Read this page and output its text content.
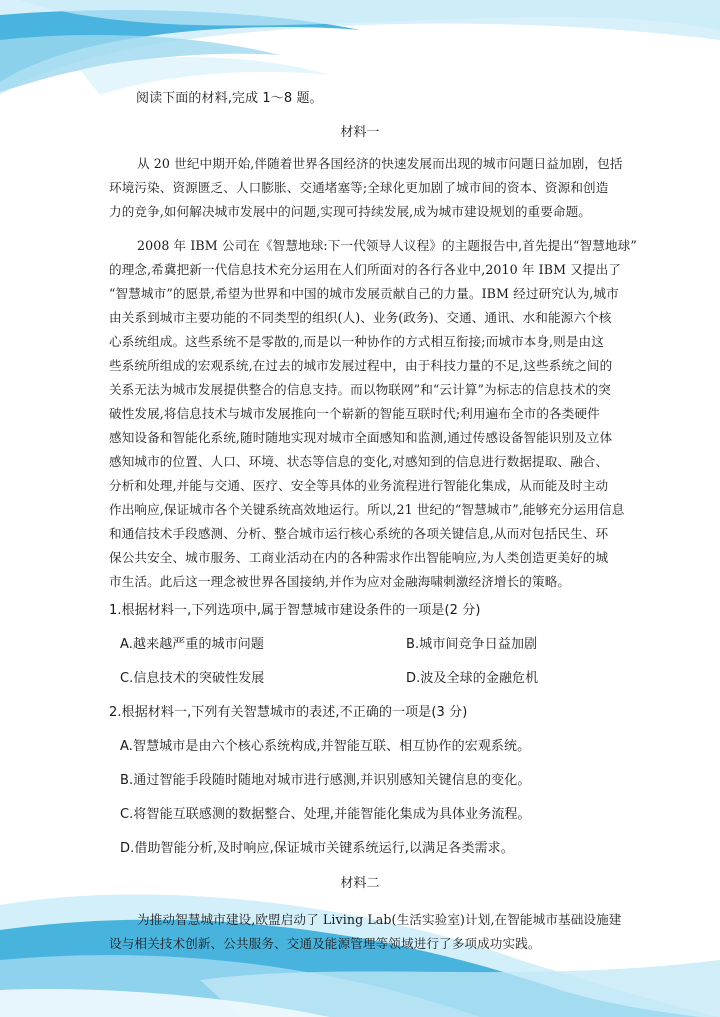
阅读下面的材料,完成 1～8 题。
材料一
从 20 世纪中期开始,伴随着世界各国经济的快速发展而出现的城市问题日益加剧，包括
环境污染、资源匮乏、人口膨胀、交通堵塞等;全球化更加剧了城市间的资本、资源和创造
力的竞争,如何解决城市发展中的问题,实现可持续发展,成为城市建设规划的重要命题。
2008 年 IBM 公司在《智慧地球:下一代领导人议程》的主题报告中,首先提出“智慧地球”
的理念,希冀把新一代信息技术充分运用在人们所面对的各行各业中,2010 年 IBM 又提出了
“智慧城市”的愿景,希望为世界和中国的城市发展贡献自己的力量。IBM 经过研究认为,城市
由关系到城市主要功能的不同类型的组织(人)、业务(政务)、交通、通讯、水和能源六个核
心系统组成。这些系统不是零散的,而是以一种协作的方式相互衔接;而城市本身,则是由这
些系统所组成的宏观系统,在过去的城市发展过程中，由于科技力量的不足,这些系统之间的
关系无法为城市发展提供整合的信息支持。而以物联网”和“云计算”为标志的信息技术的突
破性发展,将信息技术与城市发展推向一个崭新的智能互联时代;利用遍布全市的各类硬件
感知设备和智能化系统,随时随地实现对城市全面感知和监测,通过传感设备智能识别及立体
感知城市的位置、人口、环境、状态等信息的变化,对感知到的信息进行数据提取、融合、
分析和处理,并能与交通、医疗、安全等具体的业务流程进行智能化集成，从而能及时主动
作出响应,保证城市各个关键系统高效地运行。所以,21 世纪的“智慧城市”,能够充分运用信息
和通信技术手段感测、分析、整合城市运行核心系统的各项关键信息,从而对包括民生、环
保公共安全、城市服务、工商业活动在内的各种需求作出智能响应,为人类创造更美好的城
市生活。此后这一理念被世界各国接纳,并作为应对金融海啸刺激经济增长的策略。
1.根据材料一,下列选项中,属于智慧城市建设条件的一项是(2 分)
A.越来越严重的城市问题	B.城市间竞争日益加剧
C.信息技术的突破性发展	D.波及全球的金融危机
2.根据材料一,下列有关智慧城市的表述,不正确的一项是(3 分)
A.智慧城市是由六个核心系统构成,并智能互联、相互协作的宏观系统。
B.通过智能手段随时随地对城市进行感测,并识别感知关键信息的变化。
C.将智能互联感测的数据整合、处理,并能智能化集成为具体业务流程。
D.借助智能分析,及时响应,保证城市关键系统运行,以满足各类需求。
材料二
为推动智慧城市建设,欧盟启动了 Living Lab(生活实验室)计划,在智能城市基础设施建
设与相关技术创新、公共服务、交通及能源管理等领域进行了多项成功实践。
